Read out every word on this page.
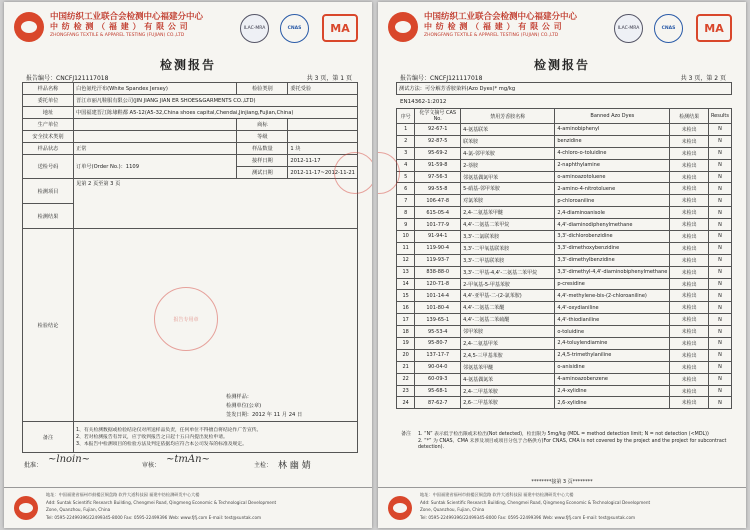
中国纺织工业联合会检测中心福建分中心
中 纺 检 测 （ 福 建 ） 有 限 公 司
ZHONGFANG TEXTILE & APPAREL TESTING (FUJIAN) CO.,LTD
ILAC-MRA	CNAS	MA
检测报告
报告编号：CNCFJ121117018	共 3 页，第 1 页
样品名称	白色氨纶汗布(White Spandex Jersey)	检验类别	委托受验
委托单位	晋江市丽凡鞋服有限公司(JIN JIANG JIAN ER SHOES&GARMENTS CO.,LTD)		
地址	中国福建晋江陈埭鞋都 A5-12(A5-32,China shoes capital,Chendai,Jinjiang,Fujian,China)		
生产单位		商标	
安全技术类别		等级	
样品状态	正常	样品数量	1 块
送检号码	订单号(Order No.)：1109	接样日期	2012-11-17
		测试日期	2012-11-17~2012-11-21
检测项目	见第 2 页至第 3 页		
检测结果			
检验结论	检测样品：
检测单位(公章)
签发日期：2012 年 11 月 24 日		

备注	1、有关检测数据或检验结论仅对所送样品负责，任何单位不得擅自将结论作广告宣传。
2、若对检测报告有异议，应于收到报告之日起十五日内提出复检申请。
3、本报告中检测项目的检验方法及判定依据均应符合本公司发布的标准及规定。		
报告专用章
批准：
~lnoin~
审核：
~tmAn~
主检： 林 幽 婧
地址：中国福建省福州市鼓楼区铜盘路 软件大道科技园 福建中纺检测研发中心大楼
Add: Suntak Scientific Research Building, Chengmei Road, Qingmeng Economic & Technological Development
Zone, Quanzhou, Fujian, China
Tel: 0595-22499396/22499345-8000 Fax: 0595-22499396 Web: www.fjfj.com E-mail: test@suntak.com
中国纺织工业联合会检测中心福建分中心
中 纺 检 测 （ 福 建 ） 有 限 公 司
ZHONGFANG TEXTILE & APPAREL TESTING (FUJIAN) CO.,LTD
ILAC-MRA	CNAS	MA
检测报告
报告编号：CNCFJ121117018	共 3 页，第 2 页
测试方法：可分解芳香胺染料(Azo Dyes)* mg/kg
EN14362-1:2012
序号	化学文摘号 CAS No.	禁用芳香胺名称	Banned Azo Dyes	检测结果	Results
1	92-67-1	4-氨基联苯	4-aminobiphenyl	未检出	N
2	92-87-5	联苯胺	benzidine	未检出	N
3	95-69-2	4-氯-邻甲苯胺	4-chloro-o-toluidine	未检出	N
4	91-59-8	2-萘胺	2-naphthylamine	未检出	N
5	97-56-3	邻氨基偶氮甲苯	o-aminoazotoluene	未检出	N
6	99-55-8	5-硝基-邻甲苯胺	2-amino-4-nitrotoluene	未检出	N
7	106-47-8	对氯苯胺	p-chloroaniline	未检出	N
8	615-05-4	2,4-二氨基苯甲醚	2,4-diaminoanisole	未检出	N
9	101-77-9	4,4'-二氨基二苯甲烷	4,4'-diaminodiphenylmethane	未检出	N
10	91-94-1	3,3'-二氯联苯胺	3,3'-dichlorobenzidine	未检出	N
11	119-90-4	3,3'-二甲氧基联苯胺	3,3'-dimethoxybenzidine	未检出	N
12	119-93-7	3,3'-二甲基联苯胺	3,3'-dimethylbenzidine	未检出	N
13	838-88-0	3,3'-二甲基-4,4'-二氨基二苯甲烷	3,3'-dimethyl-4,4'-diaminobiphenylmethane	未检出	N
14	120-71-8	2-甲氧基-5-甲基苯胺	p-cresidine	未检出	N
15	101-14-4	4,4'-亚甲基-二-(2-氯苯胺)	4,4'-methylene-bis-(2-chloroaniline)	未检出	N
16	101-80-4	4,4'-二氨基二苯醚	4,4'-oxydianiline	未检出	N
17	139-65-1	4,4'-二氨基二苯硫醚	4,4'-thiodianiline	未检出	N
18	95-53-4	邻甲苯胺	o-toluidine	未检出	N
19	95-80-7	2,4-二氨基甲苯	2,4-toluylendiamine	未检出	N
20	137-17-7	2,4,5-三甲基苯胺	2,4,5-trimethylaniline	未检出	N
21	90-04-0	邻氨基苯甲醚	o-anisidine	未检出	N
22	60-09-3	4-氨基偶氮苯	4-aminoazobenzene	未检出	N
23	95-68-1	2,4-二甲基苯胺	2,4-xylidine	未检出	N
24	87-62-7	2,6-二甲基苯胺	2,6-xylidine	未检出	N
备注	1. “N” 表示低于检出限或未检出(Not detected)，检出限为 5mg/kg (MDL = method detection limit; N = not detection (<MDL))
2. “*” 为 CNAS、CMA 未涉及项目或项目分包于合格供方(For CNAS, CMA is not covered by the project and the project for subcontract detection).
********接第 3 页********
地址：中国福建省福州市鼓楼区铜盘路 软件大道科技园 福建中纺检测研发中心大楼
Add: Suntak Scientific Research Building, Chengmei Road, Qingmeng Economic & Technological Development
Zone, Quanzhou, Fujian, China
Tel: 0595-22499396/22499345-8000 Fax: 0595-22499396 Web: www.fjfj.com E-mail: test@suntak.com
